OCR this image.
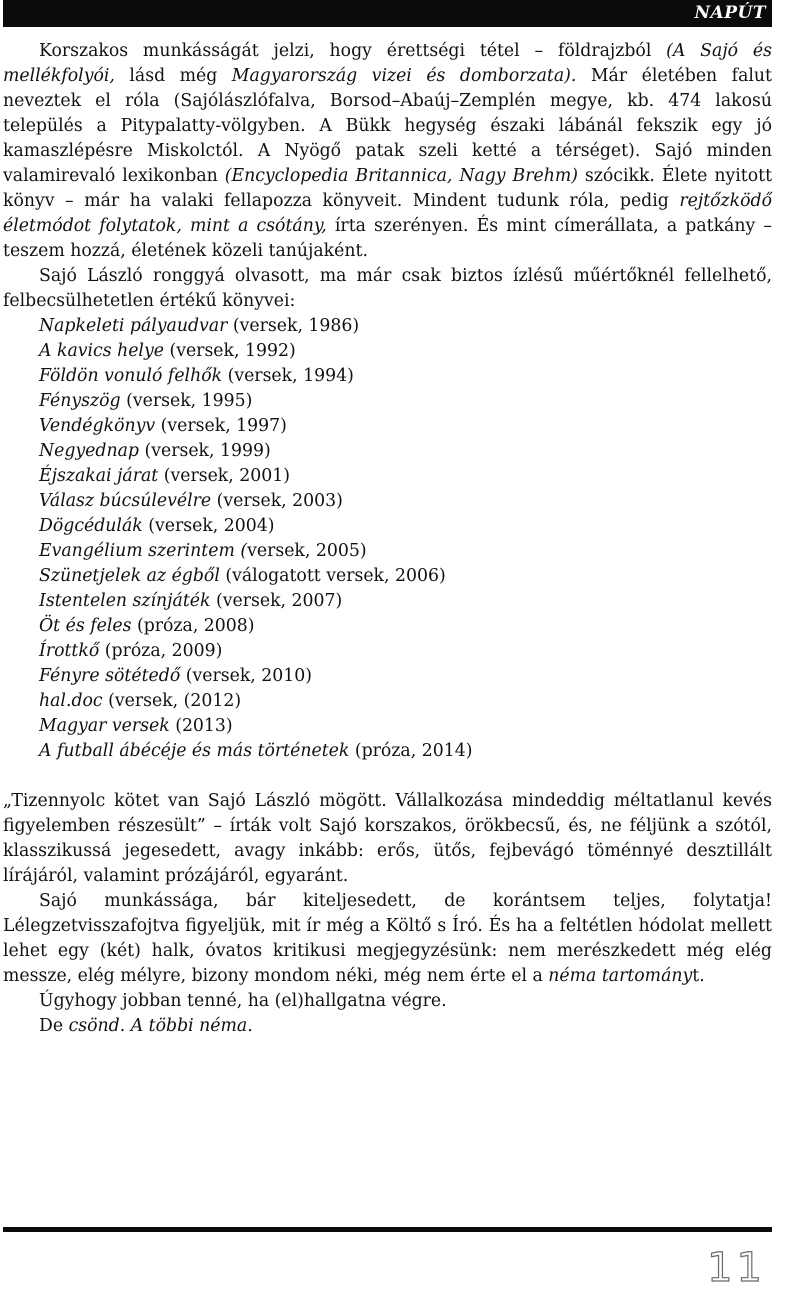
NAPÚT

Korszakos munkásságát jelzi, hogy érettségi tétel – földrajzból (A Sajó és mellékfolyói, lásd még Magyarország vizei és domborzata). Már életében falut neveztek el róla (Sajólászlófalva, Borsod–Abaúj–Zemplén megye, kb. 474 lakosú település a Pitypalatty-völgyben. A Bükk hegység északi lábánál fekszik egy jó kamaszlépésre Miskolctól. A Nyögő patak szeli ketté a térséget). Sajó minden valamirevaló lexikonban (Encyclopedia Britannica, Nagy Brehm) szócikk. Élete nyitott könyv – már ha valaki fellapozza könyveit. Mindent tudunk róla, pedig rejtőzködő életmódot folytatok, mint a csótány, írta szerényen. És mint címerállata, a patkány – teszem hozzá, életének közeli tanújaként.

Sajó László ronggyá olvasott, ma már csak biztos ízlésű műértőknél fellelhető, felbecsülhetetlen értékű könyvei:

Napkeleti pályaudvar (versek, 1986)
A kavics helye (versek, 1992)
Földön vonuló felhők (versek, 1994)
Fényszög (versek, 1995)
Vendégkönyv (versek, 1997)
Negyednap (versek, 1999)
Éjszakai járat (versek, 2001)
Válasz búcsúlevélre (versek, 2003)
Dögcédulák (versek, 2004)
Evangélium szerintem (versek, 2005)
Szünetjelek az égből (válogatott versek, 2006)
Istentelen színjáték (versek, 2007)
Öt és feles (próza, 2008)
Írottkő (próza, 2009)
Fényre sötétedő (versek, 2010)
hal.doc (versek, (2012)
Magyar versek (2013)
A futball ábécéje és más történetek (próza, 2014)

„Tizennyolc kötet van Sajó László mögött. Vállalkozása mindeddig méltatlanul kevés figyelemben részesült” – írták volt Sajó korszakos, örökbecsű, és, ne féljünk a szótól, klasszikussá jegesedett, avagy inkább: erős, ütős, fejbevágó töménnyé desztillált lírájáról, valamint prózájáról, egyaránt.

Sajó munkássága, bár kiteljesedett, de korántsem teljes, folytatja! Lélegzetvisszafojtva figyeljük, mit ír még a Költő s Író. És ha a feltétlen hódolat mellett lehet egy (két) halk, óvatos kritikusi megjegyzésünk: nem merészkedett még elég messze, elég mélyre, bizony mondom néki, még nem érte el a néma tartományt.

Úgyhogy jobban tenné, ha (el)hallgatna végre.

De csönd. A többi néma.

11
